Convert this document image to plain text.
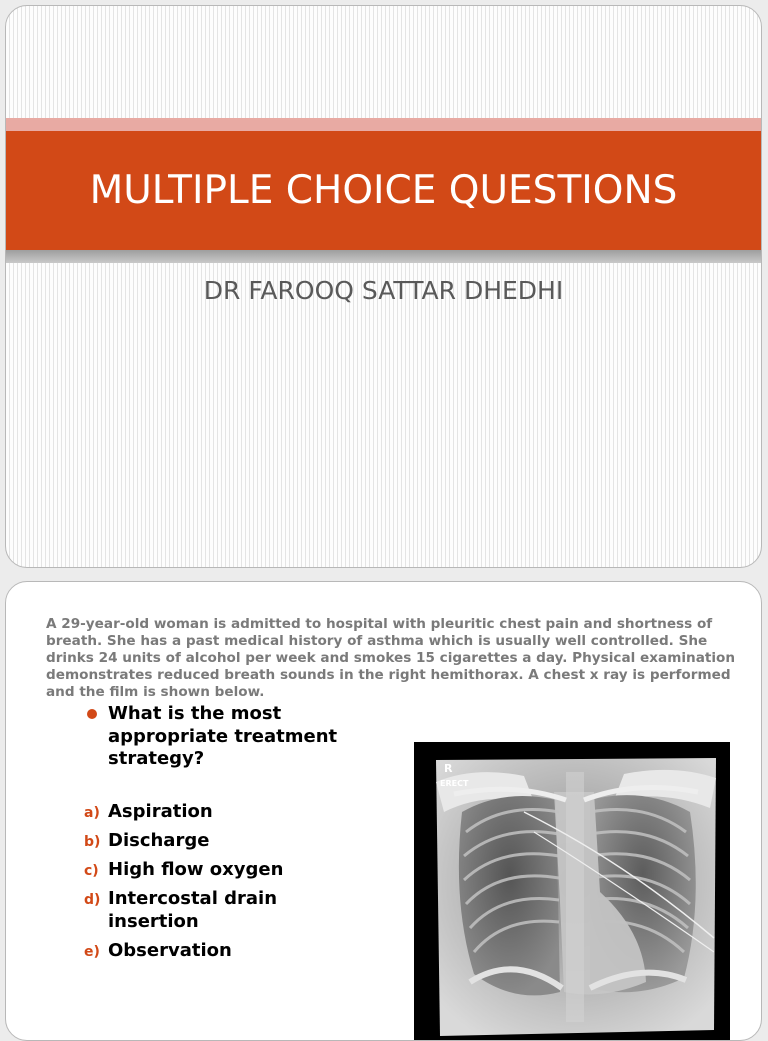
MULTIPLE CHOICE QUESTIONS

DR FAROOQ SATTAR DHEDHI

A 29-year-old woman is admitted to hospital with pleuritic chest pain and shortness of breath. She has a past medical history of asthma which is usually well controlled. She drinks 24 units of alcohol per week and smokes 15 cigarettes a day. Physical examination demonstrates reduced breath sounds in the right hemithorax. A chest x ray is performed and the film is shown below.
What is the most appropriate treatment strategy?
a) Aspiration
b) Discharge
c) High flow oxygen
d) Intercostal drain insertion
e) Observation
R
ERECT
